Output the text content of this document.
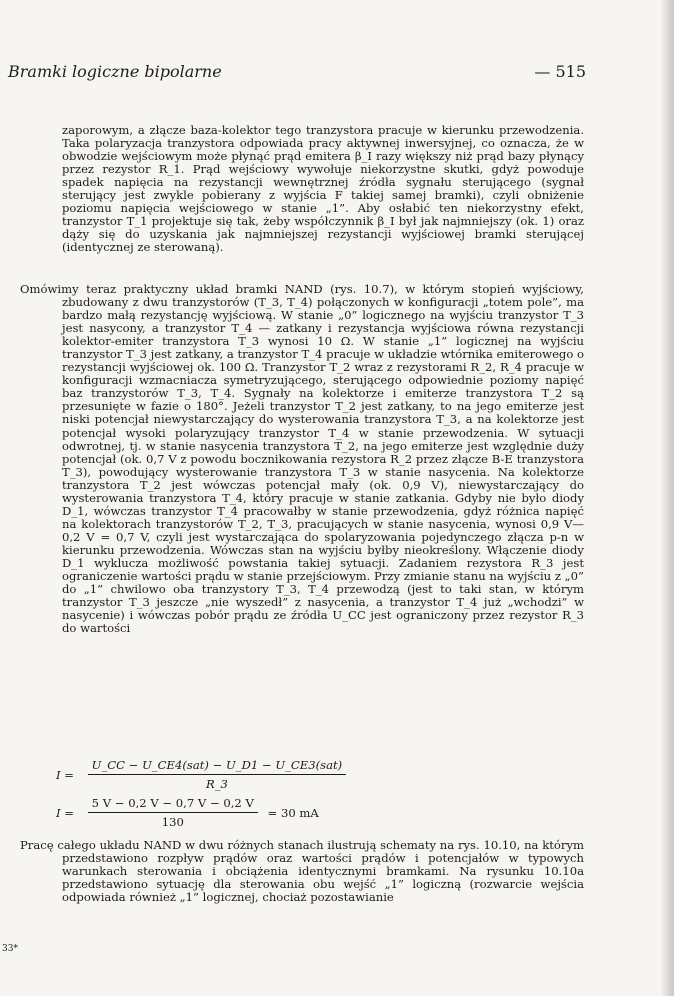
Bramki logiczne bipolarne	— 515

zaporowym, a złącze baza-kolektor tego tranzystora pracuje w kierunku przewodzenia. Taka polaryzacja tranzystora odpowiada pracy aktywnej inwersyjnej, co oznacza, że w obwodzie wejściowym może płynąć prąd emitera β_I razy większy niż prąd bazy płynący przez rezystor R_1. Prąd wejściowy wywołuje niekorzystne skutki, gdyż powoduje spadek napięcia na rezystancji wewnętrznej źródła sygnału sterującego (sygnał sterujący jest zwykle pobierany z wyjścia F takiej samej bramki), czyli obniżenie poziomu napięcia wejściowego w stanie „1”. Aby osłabić ten niekorzystny efekt, tranzystor T_1 projektuje się tak, żeby współczynnik β_I był jak najmniejszy (ok. 1) oraz dąży się do uzyskania jak najmniejszej rezystancji wyjściowej bramki sterującej (identycznej ze sterowaną).

Omówimy teraz praktyczny układ bramki NAND (rys. 10.7), w którym stopień wyjściowy, zbudowany z dwu tranzystorów (T_3, T_4) połączonych w konfiguracji „totem pole”, ma bardzo małą rezystancję wyjściową. W stanie „0” logicznego na wyjściu tranzystor T_3 jest nasycony, a tranzystor T_4 — zatkany i rezystancja wyjściowa równa rezystancji kolektor-emiter tranzystora T_3 wynosi 10 Ω. W stanie „1” logicznej na wyjściu tranzystor T_3 jest zatkany, a tranzystor T_4 pracuje w układzie wtórnika emiterowego o rezystancji wyjściowej ok. 100 Ω. Tranzystor T_2 wraz z rezystorami R_2, R_4 pracuje w konfiguracji wzmacniacza symetryzującego, sterującego odpowiednie poziomy napięć baz tranzystorów T_3, T_4. Sygnały na kolektorze i emiterze tranzystora T_2 są przesunięte w fazie o 180°. Jeżeli tranzystor T_2 jest zatkany, to na jego emiterze jest niski potencjał niewystarczający do wysterowania tranzystora T_3, a na kolektorze jest potencjał wysoki polaryzujący tranzystor T_4 w stanie przewodzenia. W sytuacji odwrotnej, tj. w stanie nasycenia tranzystora T_2, na jego emiterze jest względnie duży potencjał (ok. 0,7 V z powodu bocznikowania rezystora R_2 przez złącze B-E tranzystora T_3), powodujący wysterowanie tranzystora T_3 w stanie nasycenia. Na kolektorze tranzystora T_2 jest wówczas potencjał mały (ok. 0,9 V), niewystarczający do wysterowania tranzystora T_4, który pracuje w stanie zatkania. Gdyby nie było diody D_1, wówczas tranzystor T_4 pracowałby w stanie przewodzenia, gdyż różnica napięć na kolektorach tranzystorów T_2, T_3, pracujących w stanie nasycenia, wynosi 0,9 V—0,2 V = 0,7 V, czyli jest wystarczająca do spolaryzowania pojedynczego złącza p-n w kierunku przewodzenia. Wówczas stan na wyjściu byłby nieokreślony. Włączenie diody D_1 wyklucza możliwość powstania takiej sytuacji. Zadaniem rezystora R_3 jest ograniczenie wartości prądu w stanie przejściowym. Przy zmianie stanu na wyjściu z „0” do „1” chwilowo oba tranzystory T_3, T_4 przewodzą (jest to taki stan, w którym tranzystor T_3 jeszcze „nie wyszedł” z nasycenia, a tranzystor T_4 już „wchodzi” w nasycenie) i wówczas pobór prądu ze źródła U_CC jest ograniczony przez rezystor R_3 do wartości

$I = \frac{\text{U\_CC − U\_CE4(sat) − U\_D1 − U\_CE3(sat)}}{R\_3}$
$I = \frac{5 V - 0,2 V - 0,7 V - 0,2 V}{130} = 30$ mA

Pracę całego układu NAND w dwu różnych stanach ilustrują schematy na rys. 10.10, na którym przedstawiono rozpływ prądów oraz wartości prądów i potencjałów w typowych warunkach sterowania i obciążenia identycznymi bramkami. Na rysunku 10.10a przedstawiono sytuację dla sterowania obu wejść „1” logiczną (rozwarcie wejścia odpowiada również „1” logicznej, chociaż pozostawianie

33*
